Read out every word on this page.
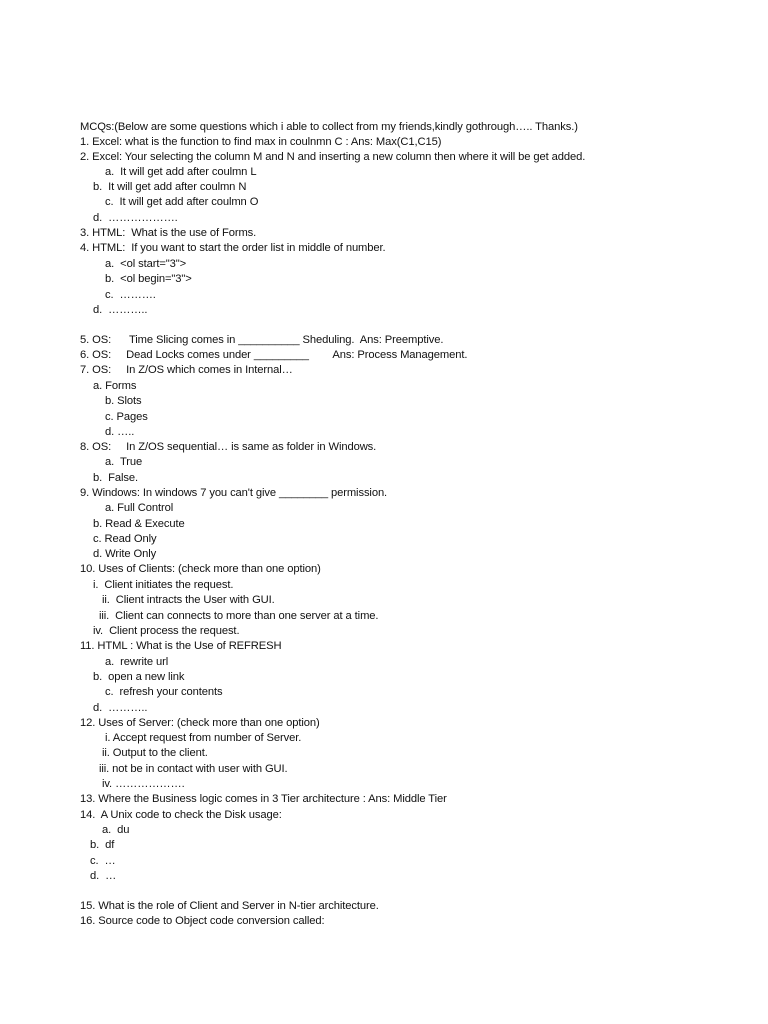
MCQs:(Below are some questions which i able to collect from my friends,kindly gothrough….. Thanks.)
1. Excel: what is the function to find max in coulnmn C : Ans: Max(C1,C15)
2. Excel: Your selecting the column M and N and inserting a new column then where it will be get added.
a.  It will get add after coulmn L
b.  It will get add after coulmn N
c.  It will get add after coulmn O
d.  ……………….
3. HTML:  What is the use of Forms.
4. HTML:  If you want to start the order list in middle of number.
a.  <ol start="3">
b.  <ol begin="3">
c.  ……….
d.  ………..
5. OS:      Time Slicing comes in __________ Sheduling.  Ans: Preemptive.
6. OS:     Dead Locks comes under _________        Ans: Process Management.
7. OS:     In Z/OS which comes in Internal…
a. Forms
b. Slots
c. Pages
d. …..
8. OS:     In Z/OS sequential… is same as folder in Windows.
a.  True
b.  False.
9. Windows: In windows 7 you can't give ________ permission.
a. Full Control
b. Read & Execute
c. Read Only
d. Write Only
10. Uses of Clients: (check more than one option)
i.  Client initiates the request.
ii.  Client intracts the User with GUI.
iii.  Client can connects to more than one server at a time.
iv.  Client process the request.
11. HTML : What is the Use of REFRESH
a.  rewrite url
b.  open a new link
c.  refresh your contents
d.  ………..
12. Uses of Server: (check more than one option)
i. Accept request from number of Server.
ii. Output to the client.
iii. not be in contact with user with GUI.
iv. ……………….
13. Where the Business logic comes in 3 Tier architecture : Ans: Middle Tier
14.  A Unix code to check the Disk usage:
a.  du
b.  df
c.  …
d.  …
15. What is the role of Client and Server in N-tier architecture.
16. Source code to Object code conversion called:
